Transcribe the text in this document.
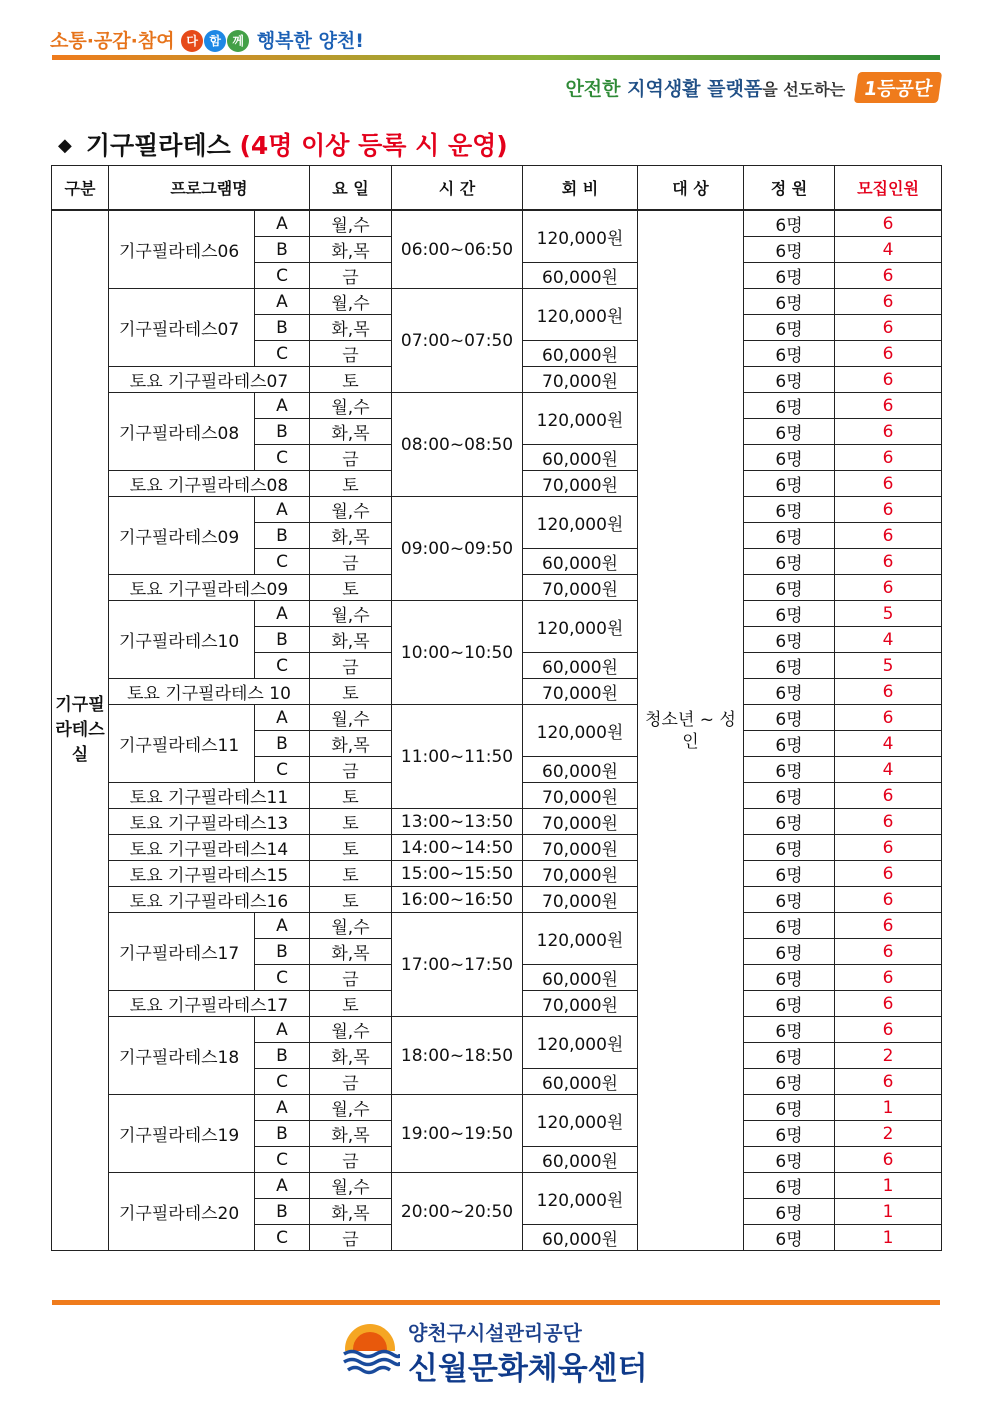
소통·공감·참여 다 함 께 행복한 양천!
안전한 지역생활 플랫폼을 선도하는 1등공단
◆ 기구필라테스 (4명 이상 등록 시 운영)
구분	프로그램명		요 일	시 간	회 비	대 상	정 원	모집인원
기구필라테스실	기구필라테스06	A	월,수	06:00~06:50	120,000원	청소년 ~ 성 인	6명	6
		B	화,목				6명	4
		C	금		60,000원		6명	6
	기구필라테스07	A	월,수	07:00~07:50	120,000원		6명	6
		B	화,목				6명	6
		C	금		60,000원		6명	6
	토요 기구필라테스07		토		70,000원		6명	6
	기구필라테스08	A	월,수	08:00~08:50	120,000원		6명	6
		B	화,목				6명	6
		C	금		60,000원		6명	6
	토요 기구필라테스08		토		70,000원		6명	6
	기구필라테스09	A	월,수	09:00~09:50	120,000원		6명	6
		B	화,목				6명	6
		C	금		60,000원		6명	6
	토요 기구필라테스09		토		70,000원		6명	6
	기구필라테스10	A	월,수	10:00~10:50	120,000원		6명	5
		B	화,목				6명	4
		C	금		60,000원		6명	5
	토요 기구필라테스 10		토		70,000원		6명	6
	기구필라테스11	A	월,수	11:00~11:50	120,000원		6명	6
		B	화,목				6명	4
		C	금		60,000원		6명	4
	토요 기구필라테스11		토		70,000원		6명	6
	토요 기구필라테스13		토	13:00~13:50	70,000원		6명	6
	토요 기구필라테스14		토	14:00~14:50	70,000원		6명	6
	토요 기구필라테스15		토	15:00~15:50	70,000원		6명	6
	토요 기구필라테스16		토	16:00~16:50	70,000원		6명	6
	기구필라테스17	A	월,수	17:00~17:50	120,000원		6명	6
		B	화,목				6명	6
		C	금		60,000원		6명	6
	토요 기구필라테스17		토		70,000원		6명	6
	기구필라테스18	A	월,수	18:00~18:50	120,000원		6명	6
		B	화,목				6명	2
		C	금		60,000원		6명	6
	기구필라테스19	A	월,수	19:00~19:50	120,000원		6명	1
		B	화,목				6명	2
		C	금		60,000원		6명	6
	기구필라테스20	A	월,수	20:00~20:50	120,000원		6명	1
		B	화,목				6명	1
		C	금		60,000원		6명	1
양천구시설관리공단
신월문화체육센터
